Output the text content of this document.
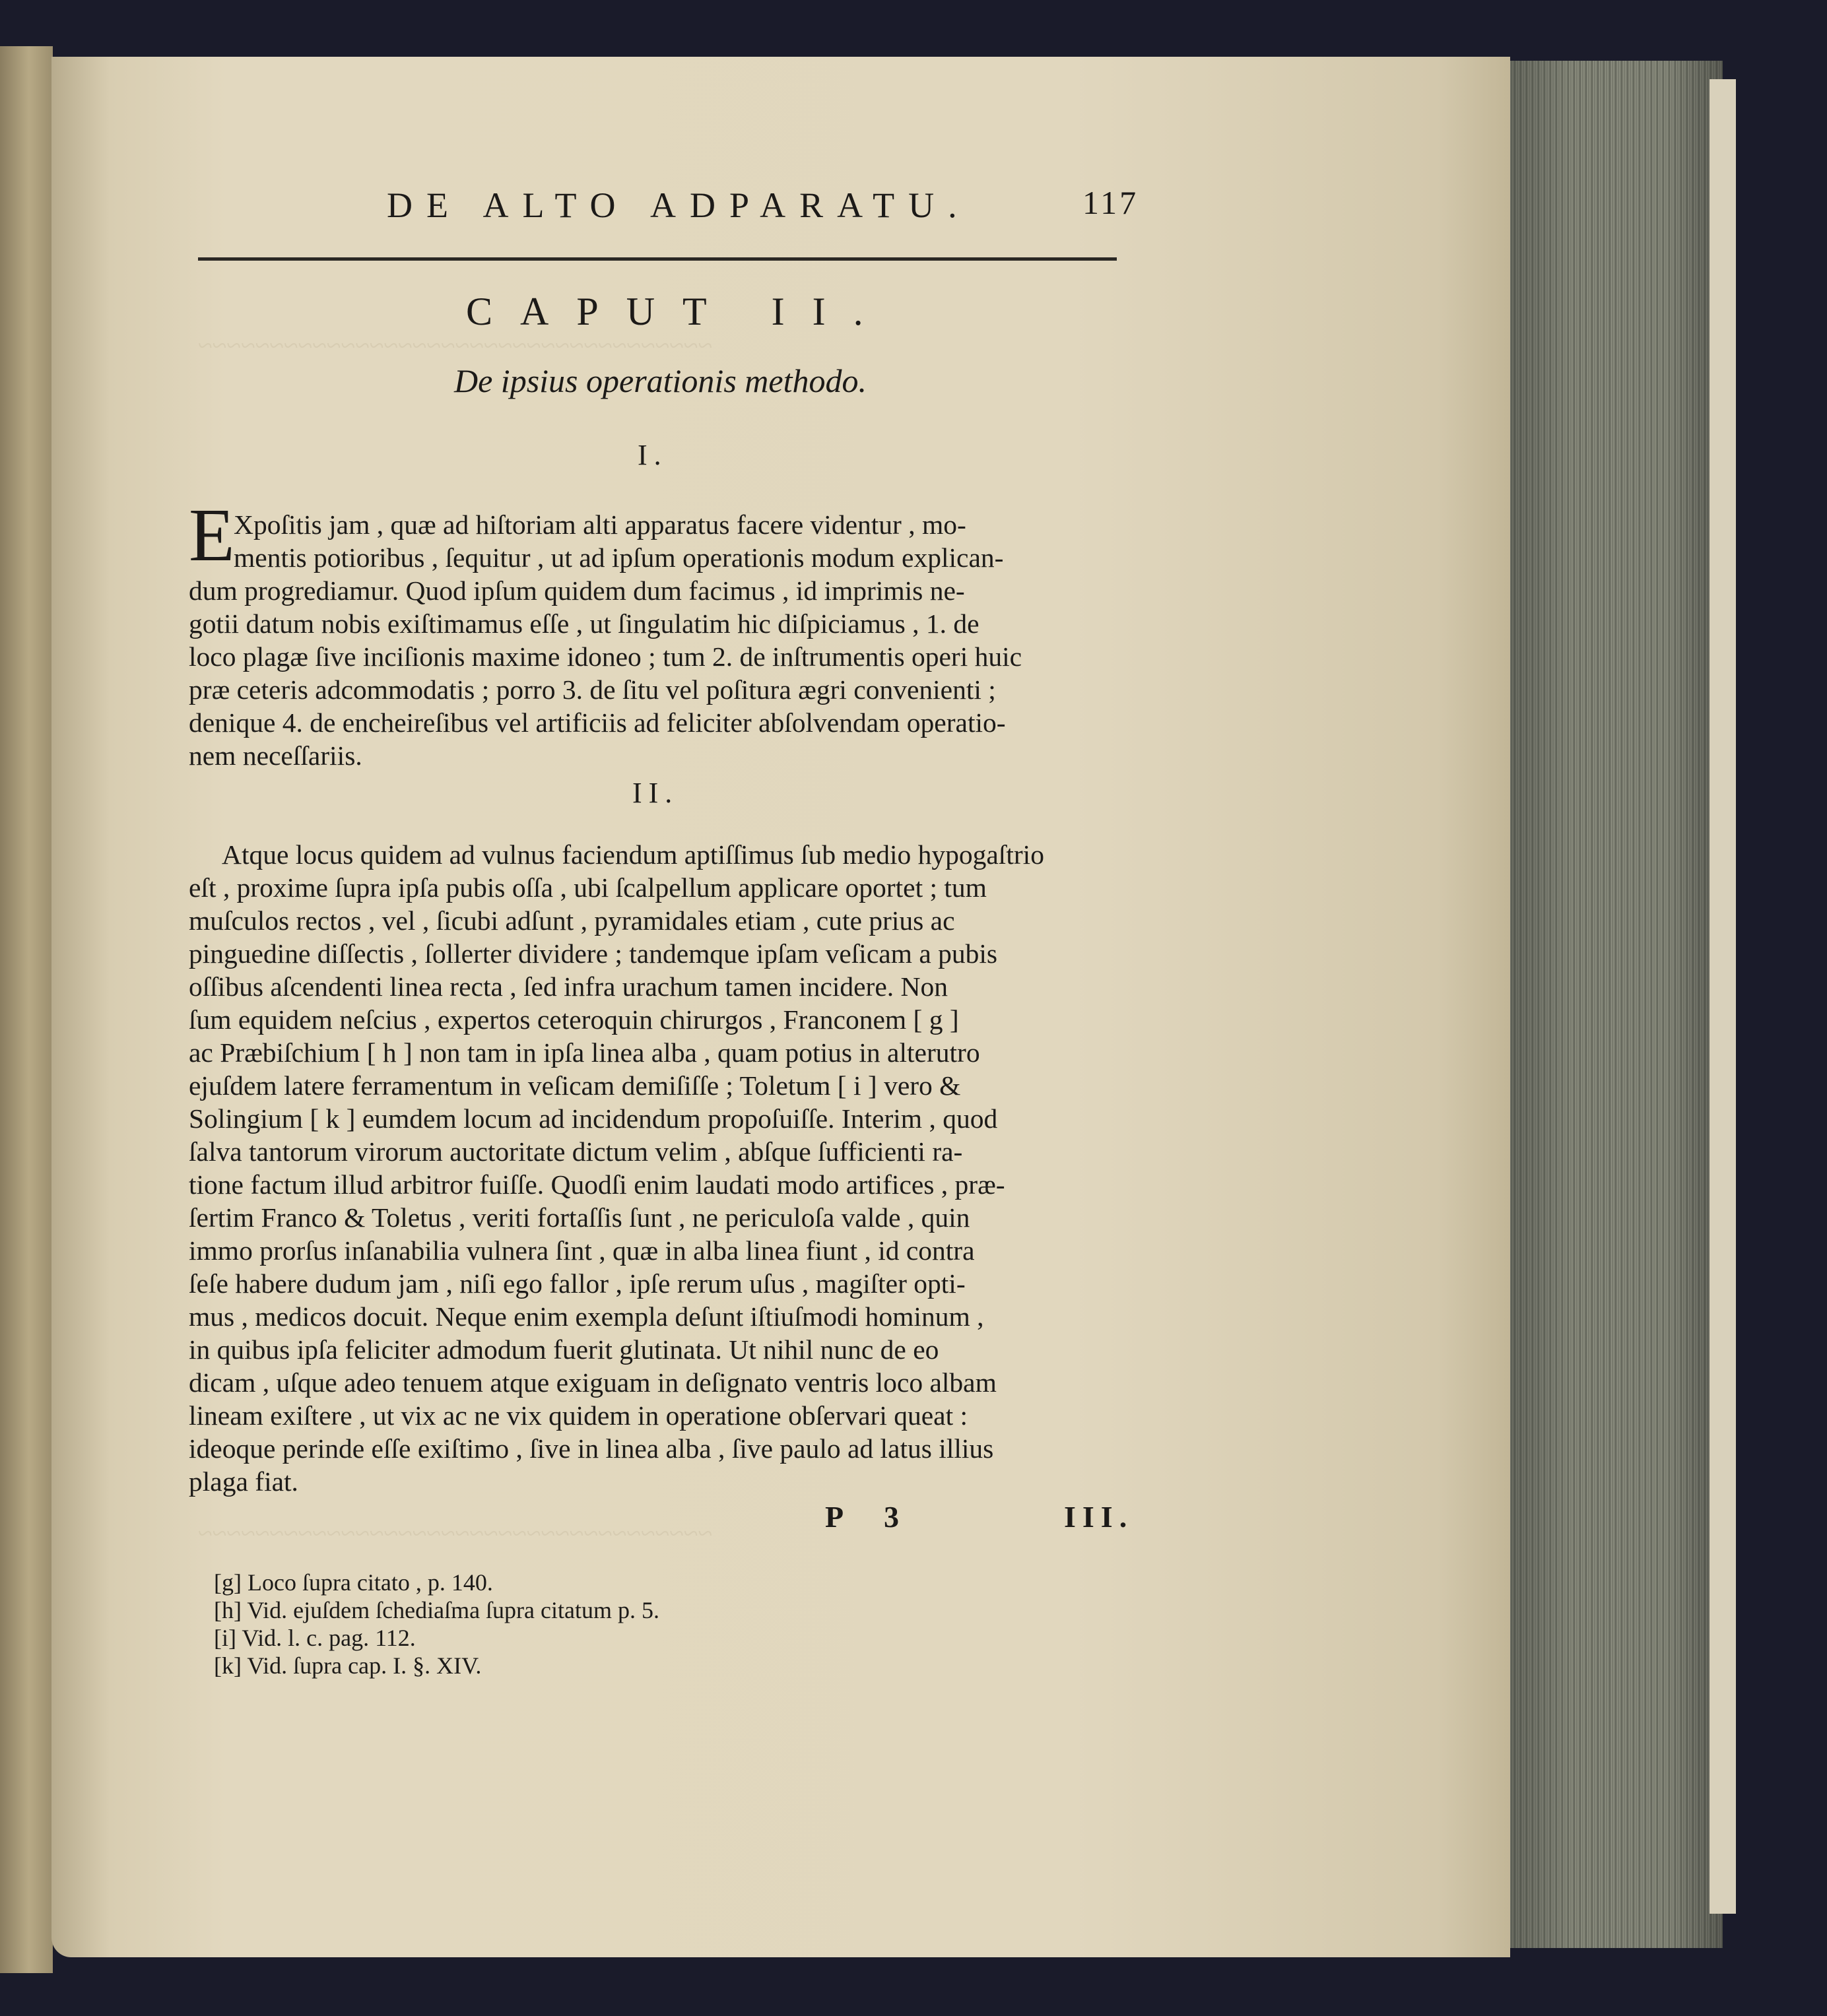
~~~~~~~~~~~~~~~~~~~~~~~~~~~~~~~~~~~~
~~~~~~~~~~~~~~~~~~~~~~~~~~~~~~~~~~~~
DE ALTO ADPARATU.	117
CAPUT II.
De ipsius operationis methodo.
I.
E
Xpoſitis jam , quæ ad hiſtoriam alti apparatus facere videntur , mo-
mentis potioribus , ſequitur , ut ad ipſum operationis modum explican-
dum progrediamur. Quod ipſum quidem dum facimus , id imprimis ne-
gotii datum nobis exiſtimamus eſſe , ut ſingulatim hic diſpiciamus , 1. de
loco plagæ ſive inciſionis maxime idoneo ; tum 2. de inſtrumentis operi huic
præ ceteris adcommodatis ; porro 3. de ſitu vel poſitura ægri convenienti ;
denique 4. de encheireſibus vel artificiis ad feliciter abſolvendam operatio-
nem neceſſariis.
II.
Atque locus quidem ad vulnus faciendum aptiſſimus ſub medio hypogaſtrio
eſt , proxime ſupra ipſa pubis oſſa , ubi ſcalpellum applicare oportet ; tum
muſculos rectos , vel , ſicubi adſunt , pyramidales etiam , cute prius ac
pinguedine diſſectis , ſollerter dividere ; tandemque ipſam veſicam a pubis
oſſibus aſcendenti linea recta , ſed infra urachum tamen incidere. Non
ſum equidem neſcius , expertos ceteroquin chirurgos , Franconem [ g ]
ac Præbiſchium [ h ] non tam in ipſa linea alba , quam potius in alterutro
ejuſdem latere ferramentum in veſicam demiſiſſe ; Toletum [ i ] vero &
Solingium [ k ] eumdem locum ad incidendum propoſuiſſe. Interim , quod
ſalva tantorum virorum auctoritate dictum velim , abſque ſufficienti ra-
tione factum illud arbitror fuiſſe. Quodſi enim laudati modo artifices , præ-
ſertim Franco & Toletus , veriti fortaſſis ſunt , ne periculoſa valde , quin
immo prorſus inſanabilia vulnera ſint , quæ in alba linea fiunt , id contra
ſeſe habere dudum jam , niſi ego fallor , ipſe rerum uſus , magiſter opti-
mus , medicos docuit. Neque enim exempla deſunt iſtiuſmodi hominum ,
in quibus ipſa feliciter admodum fuerit glutinata. Ut nihil nunc de eo
dicam , uſque adeo tenuem atque exiguam in deſignato ventris loco albam
lineam exiſtere , ut vix ac ne vix quidem in operatione obſervari queat :
ideoque perinde eſſe exiſtimo , ſive in linea alba , ſive paulo ad latus illius
plaga fiat.
P 3	III.
[g] Loco ſupra citato , p. 140.
[h] Vid. ejuſdem ſchediaſma ſupra citatum p. 5.
[i] Vid. l. c. pag. 112.
[k] Vid. ſupra cap. I. §. XIV.
